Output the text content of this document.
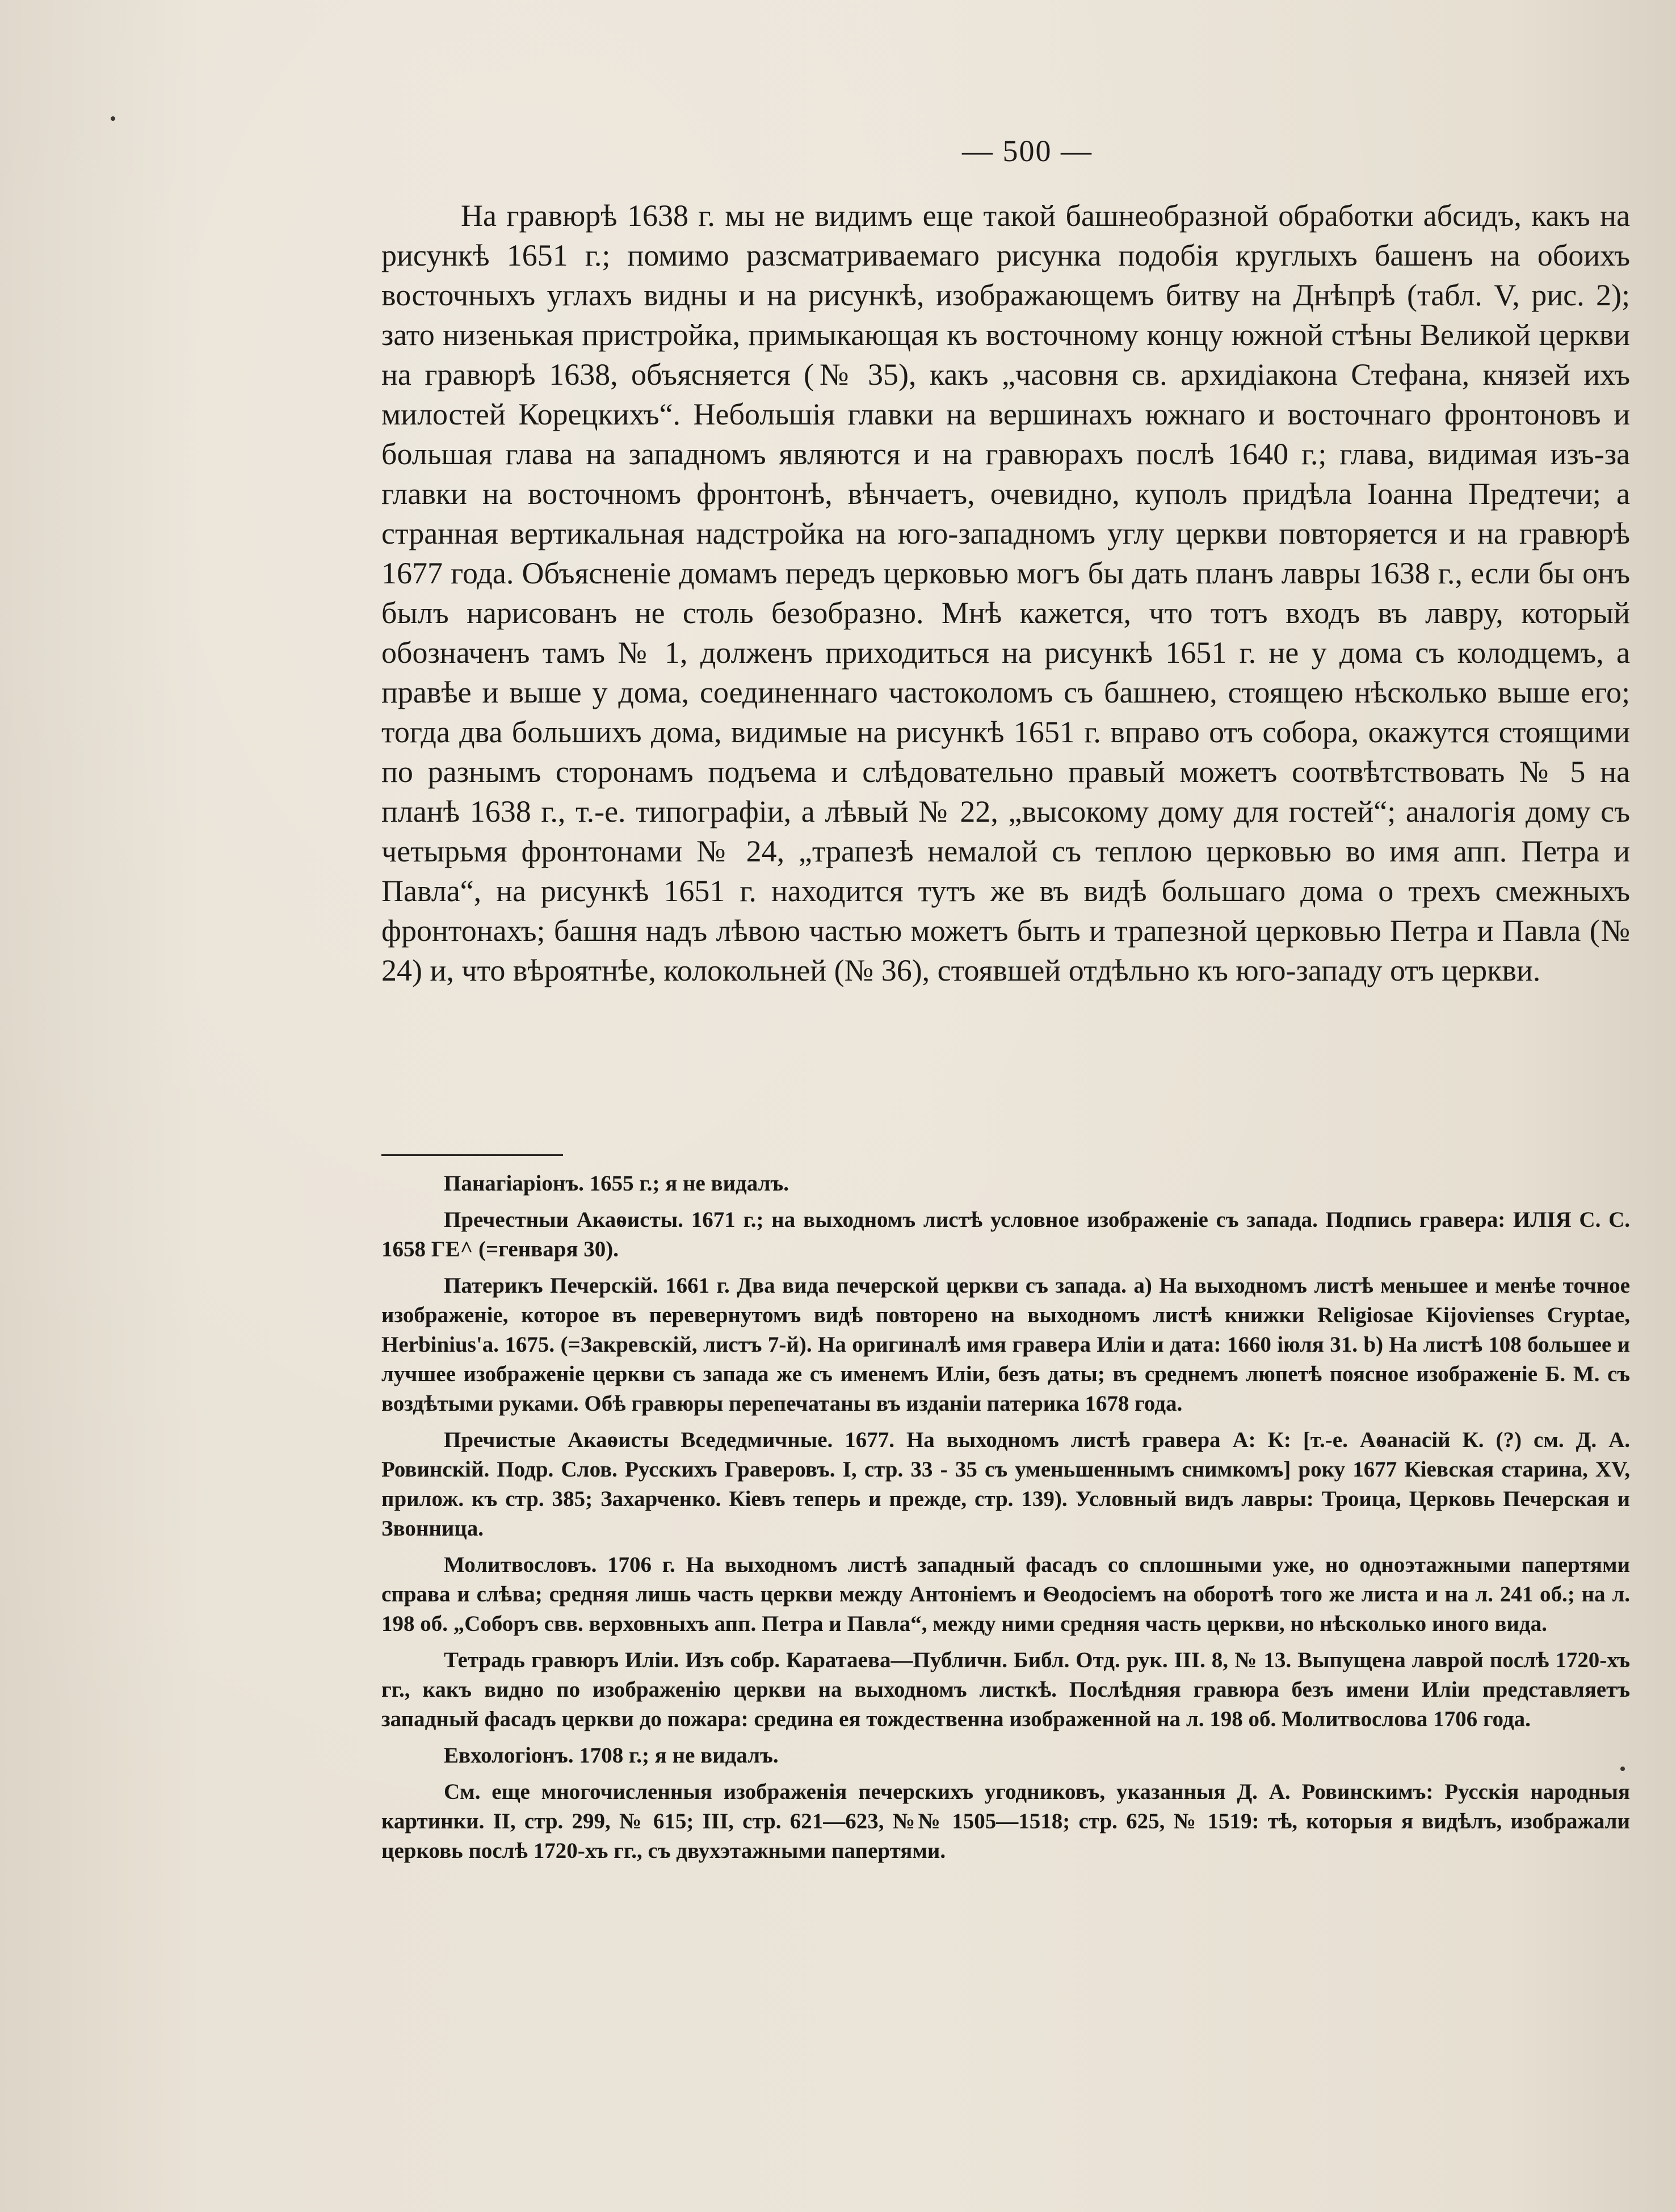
— 500 —

На гравюрѣ 1638 г. мы не видимъ еще такой башнеобразной обработки абсидъ, какъ на рисункѣ 1651 г.; помимо разсматриваемаго рисунка подобія круглыхъ башенъ на обоихъ восточныхъ углахъ видны и на рисункѣ, изображающемъ битву на Днѣпрѣ (табл. V, рис. 2); зато низенькая пристройка, примыкающая къ восточному концу южной стѣны Великой церкви на гравюрѣ 1638, объясняется (№ 35), какъ „часовня св. архидіакона Стефана, князей ихъ милостей Корецкихъ“. Небольшія главки на вершинахъ южнаго и восточнаго фронтоновъ и большая глава на западномъ являются и на гравюрахъ послѣ 1640 г.; глава, видимая изъ-за главки на восточномъ фронтонѣ, вѣнчаетъ, очевидно, куполъ придѣла Іоанна Предтечи; а странная вертикальная надстройка на юго-западномъ углу церкви повторяется и на гравюрѣ 1677 года. Объясненіе домамъ передъ церковью могъ бы дать планъ лавры 1638 г., если бы онъ былъ нарисованъ не столь безобразно. Мнѣ кажется, что тотъ входъ въ лавру, который обозначенъ тамъ № 1, долженъ приходиться на рисункѣ 1651 г. не у дома съ колодцемъ, а правѣе и выше у дома, соединеннаго частоколомъ съ башнею, стоящею нѣсколько выше его; тогда два большихъ дома, видимые на рисункѣ 1651 г. вправо отъ собора, окажутся стоящими по разнымъ сторонамъ подъема и слѣдовательно правый можетъ соотвѣтствовать № 5 на планѣ 1638 г., т.-е. типографіи, а лѣвый № 22, „высокому дому для гостей“; аналогія дому съ четырьмя фронтонами № 24, „трапезѣ немалой съ теплою церковью во имя апп. Петра и Павла“, на рисункѣ 1651 г. находится тутъ же въ видѣ большаго дома о трехъ смежныхъ фронтонахъ; башня надъ лѣвою частью можетъ быть и трапезной церковью Петра и Павла (№ 24) и, что вѣроятнѣе, колокольней (№ 36), стоявшей отдѣльно къ юго-западу отъ церкви.

Панагіаріонъ. 1655 г.; я не видалъ.

Пречестныи Акаѳисты. 1671 г.; на выходномъ листѣ условное изображеніе съ запада. Подпись гравера: ИЛІЯ С. С. 1658 ГЕ^ (=генваря 30).

Патерикъ Печерскій. 1661 г. Два вида печерской церкви съ запада. а) На выходномъ листѣ меньшее и менѣе точное изображеніе, которое въ перевернутомъ видѣ повторено на выходномъ листѣ книжки Religiosae Kijovienses Cryptae, Herbinius'a. 1675. (=Закревскій, листъ 7-й). На оригиналѣ имя гравера Иліи и дата: 1660 іюля 31. b) На листѣ 108 большее и лучшее изображеніе церкви съ запада же съ именемъ Иліи, безъ даты; въ среднемъ люпетѣ поясное изображеніе Б. М. съ воздѣтыми руками. Обѣ гравюры перепечатаны въ изданіи патерика 1678 года.

Пречистые Акаѳисты Вседедмичные. 1677. На выходномъ листѣ гравера А: К: [т.-е. Аѳанасій К. (?) см. Д. А. Ровинскій. Подр. Слов. Русскихъ Граверовъ. I, стр. 33 - 35 съ уменьшеннымъ снимкомъ] року 1677 Кіевская старина, XV, прилож. къ стр. 385; Захарченко. Кіевъ теперь и прежде, стр. 139). Условный видъ лавры: Троица, Церковь Печерская и Звонница.

Молитвословъ. 1706 г. На выходномъ листѣ западный фасадъ со сплошными уже, но одноэтажными папертями справа и слѣва; средняя лишь часть церкви между Антоніемъ и Ѳеодосіемъ на оборотѣ того же листа и на л. 241 об.; на л. 198 об. „Соборъ свв. верховныхъ апп. Петра и Павла“, между ними средняя часть церкви, но нѣсколько иного вида.

Тетрадь гравюръ Иліи. Изъ собр. Каратаева—Публичн. Библ. Отд. рук. III. 8, № 13. Выпущена лаврой послѣ 1720-хъ гг., какъ видно по изображенію церкви на выходномъ листкѣ. Послѣдняя гравюра безъ имени Иліи представляетъ западный фасадъ церкви до пожара: средина ея тождественна изображенной на л. 198 об. Молитвослова 1706 года.

Евхологіонъ. 1708 г.; я не видалъ.

См. еще многочисленныя изображенія печерскихъ угодниковъ, указанныя Д. А. Ровинскимъ: Русскія народныя картинки. II, стр. 299, № 615; III, стр. 621—623, №№ 1505—1518; стр. 625, № 1519: тѣ, которыя я видѣлъ, изображали церковь послѣ 1720-хъ гг., съ двухэтажными папертями.
